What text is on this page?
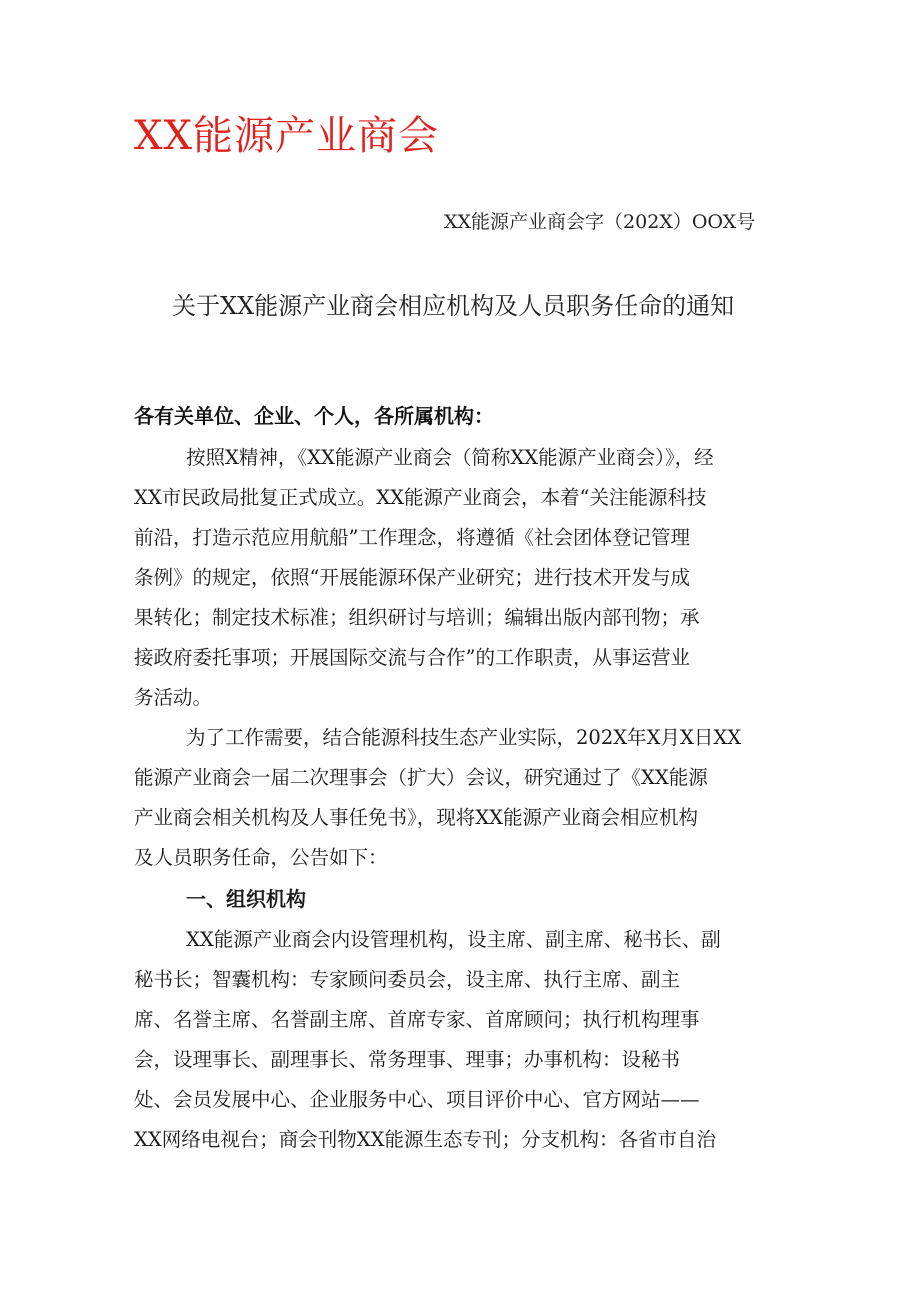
XX能源产业商会
XX能源产业商会字（202X）OOX号
关于XX能源产业商会相应机构及人员职务任命的通知
各有关单位、企业、个人，各所属机构：
按照X精神，《XX能源产业商会（简称XX能源产业商会）》，经
XX市民政局批复正式成立。XX能源产业商会，本着“关注能源科技
前沿，打造示范应用航船”工作理念，将遵循《社会团体登记管理
条例》的规定，依照“开展能源环保产业研究；进行技术开发与成
果转化；制定技术标准；组织研讨与培训；编辑出版内部刊物；承
接政府委托事项；开展国际交流与合作”的工作职责，从事运营业
务活动。
为了工作需要，结合能源科技生态产业实际，202X年X月X日XX
能源产业商会一届二次理事会（扩大）会议，研究通过了《XX能源
产业商会相关机构及人事任免书》，现将XX能源产业商会相应机构
及人员职务任命，公告如下：
一、组织机构
XX能源产业商会内设管理机构，设主席、副主席、秘书长、副
秘书长；智囊机构：专家顾问委员会，设主席、执行主席、副主
席、名誉主席、名誉副主席、首席专家、首席顾问；执行机构理事
会，设理事长、副理事长、常务理事、理事；办事机构：设秘书
处、会员发展中心、企业服务中心、项目评价中心、官方网站——
XX网络电视台；商会刊物XX能源生态专刊；分支机构：各省市自治
